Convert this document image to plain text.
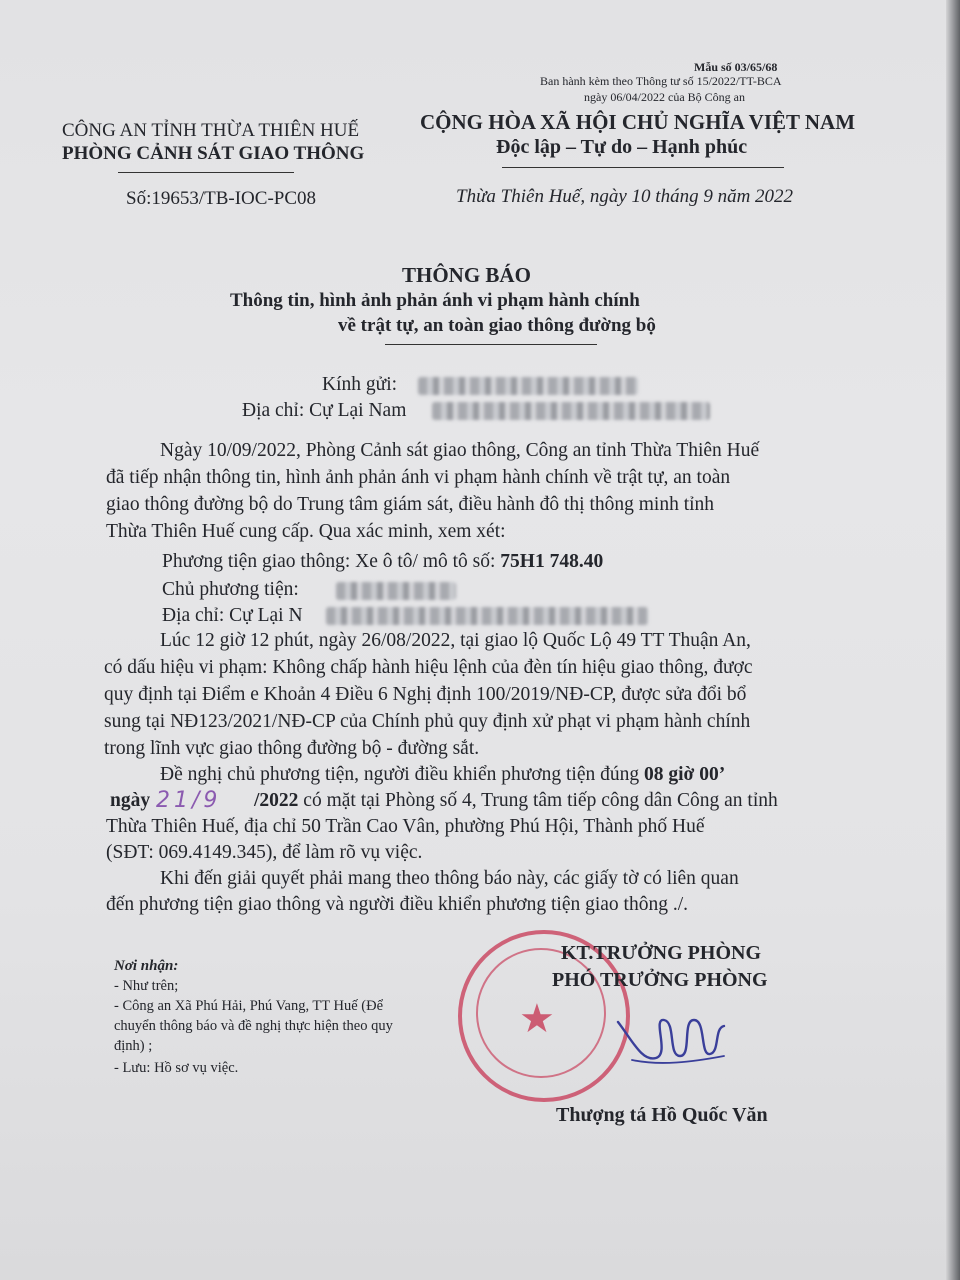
Mẫu số 03/65/68
Ban hành kèm theo Thông tư số 15/2022/TT-BCA
ngày 06/04/2022 của Bộ Công an
CÔNG AN TỈNH THỪA THIÊN HUẾ
PHÒNG CẢNH SÁT GIAO THÔNG
CỘNG HÒA XÃ HỘI CHỦ NGHĨA VIỆT NAM
Độc lập – Tự do – Hạnh phúc
Số:19653/TB-IOC-PC08	Thừa Thiên Huế, ngày 10 tháng 9 năm 2022
THÔNG BÁO
Thông tin, hình ảnh phản ánh vi phạm hành chính
về trật tự, an toàn giao thông đường bộ
Kính gửi:
Địa chỉ: Cự Lại Nam
Ngày 10/09/2022, Phòng Cảnh sát giao thông, Công an tỉnh Thừa Thiên Huế
đã tiếp nhận thông tin, hình ảnh phản ánh vi phạm hành chính về trật tự, an toàn
giao thông đường bộ do Trung tâm giám sát, điều hành đô thị thông minh tỉnh
Thừa Thiên Huế cung cấp. Qua xác minh, xem xét:
Phương tiện giao thông: Xe ô tô/ mô tô số: 75H1 748.40
Chủ phương tiện:
Địa chỉ: Cự Lại N
Lúc 12 giờ 12 phút, ngày 26/08/2022, tại giao lộ Quốc Lộ 49 TT Thuận An,
có dấu hiệu vi phạm: Không chấp hành hiệu lệnh của đèn tín hiệu giao thông, được
quy định tại Điểm e Khoản 4 Điều 6 Nghị định 100/2019/NĐ-CP, được sửa đổi bổ
sung tại NĐ123/2021/NĐ-CP của Chính phủ quy định xử phạt vi phạm hành chính
trong lĩnh vực giao thông đường bộ - đường sắt.
Đề nghị chủ phương tiện, người điều khiển phương tiện đúng 08 giờ 00’
ngày 21/9 /2022 có mặt tại Phòng số 4, Trung tâm tiếp công dân Công an tỉnh
Thừa Thiên Huế, địa chỉ 50 Trần Cao Vân, phường Phú Hội, Thành phố Huế
(SĐT: 069.4149.345), để làm rõ vụ việc.
Khi đến giải quyết phải mang theo thông báo này, các giấy tờ có liên quan
đến phương tiện giao thông và người điều khiển phương tiện giao thông ./.
Nơi nhận:
- Như trên;
- Công an Xã Phú Hải, Phú Vang, TT Huế (Để
chuyển thông báo và đề nghị thực hiện theo quy
định) ;
- Lưu: Hồ sơ vụ việc.
★
KT.TRƯỞNG PHÒNG
PHÓ TRƯỞNG PHÒNG
Thượng tá Hồ Quốc Văn
